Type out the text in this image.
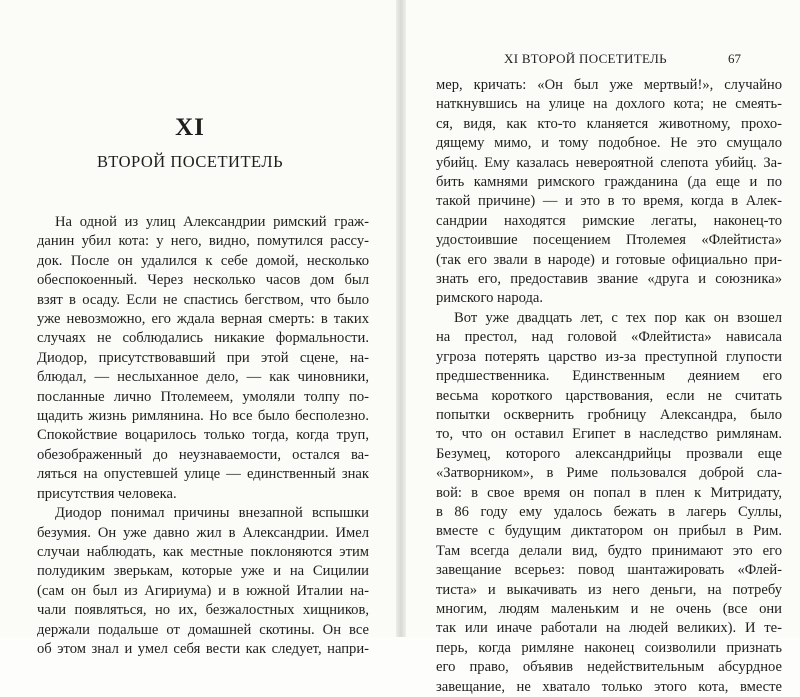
XI
ВТОРОЙ ПОСЕТИТЕЛЬ
На одной из улиц Александрии римский граж-
данин убил кота: у него, видно, помутился рассу-
док. После он удалился к себе домой, несколько
обеспокоенный. Через несколько часов дом был
взят в осаду. Если не спастись бегством, что было
уже невозможно, его ждала верная смерть: в таких
случаях не соблюдались никакие формальности.
Диодор, присутствовавший при этой сцене, на-
блюдал, — неслыханное дело, — как чиновники,
посланные лично Птолемеем, умоляли толпу по-
щадить жизнь римлянина. Но все было бесполезно.
Спокойствие воцарилось только тогда, когда труп,
обезображенный до неузнаваемости, остался ва-
ляться на опустевшей улице — единственный знак
присутствия человека.
Диодор понимал причины внезапной вспышки
безумия. Он уже давно жил в Александрии. Имел
случаи наблюдать, как местные поклоняются этим
полудиким зверькам, которые уже и на Сицилии
(сам он был из Агириума) и в южной Италии на-
чали появляться, но их, безжалостных хищников,
держали подальше от домашней скотины. Он все
об этом знал и умел себя вести как следует, напри-
XI ВТОРОЙ ПОСЕТИТЕЛЬ	67
мер, кричать: «Он был уже мертвый!», случайно
наткнувшись на улице на дохлого кота; не смеять-
ся, видя, как кто-то кланяется животному, прохо-
дящему мимо, и тому подобное. Не это смущало
убийц. Ему казалась невероятной слепота убийц. За-
бить камнями римского гражданина (да еще и по
такой причине) — и это в то время, когда в Алек-
сандрии находятся римские легаты, наконец-то
удостоившие посещением Птолемея «Флейтиста»
(так его звали в народе) и готовые официально при-
знать его, предоставив звание «друга и союзника»
римского народа.
Вот уже двадцать лет, с тех пор как он взошел
на престол, над головой «Флейтиста» нависала
угроза потерять царство из-за преступной глупости
предшественника. Единственным деянием его
весьма короткого царствования, если не считать
попытки осквернить гробницу Александра, было
то, что он оставил Египет в наследство римлянам.
Безумец, которого александрийцы прозвали еще
«Затворником», в Риме пользовался доброй сла-
вой: в свое время он попал в плен к Митридату,
в 86 году ему удалось бежать в лагерь Суллы,
вместе с будущим диктатором он прибыл в Рим.
Там всегда делали вид, будто принимают это его
завещание всерьез: повод шантажировать «Флей-
тиста» и выкачивать из него деньги, на потребу
многим, людям маленьким и не очень (все они
так или иначе работали на людей великих). И те-
перь, когда римляне наконец соизволили признать
его право, объявив недействительным абсурдное
завещание, не хватало только этого кота, вместе
